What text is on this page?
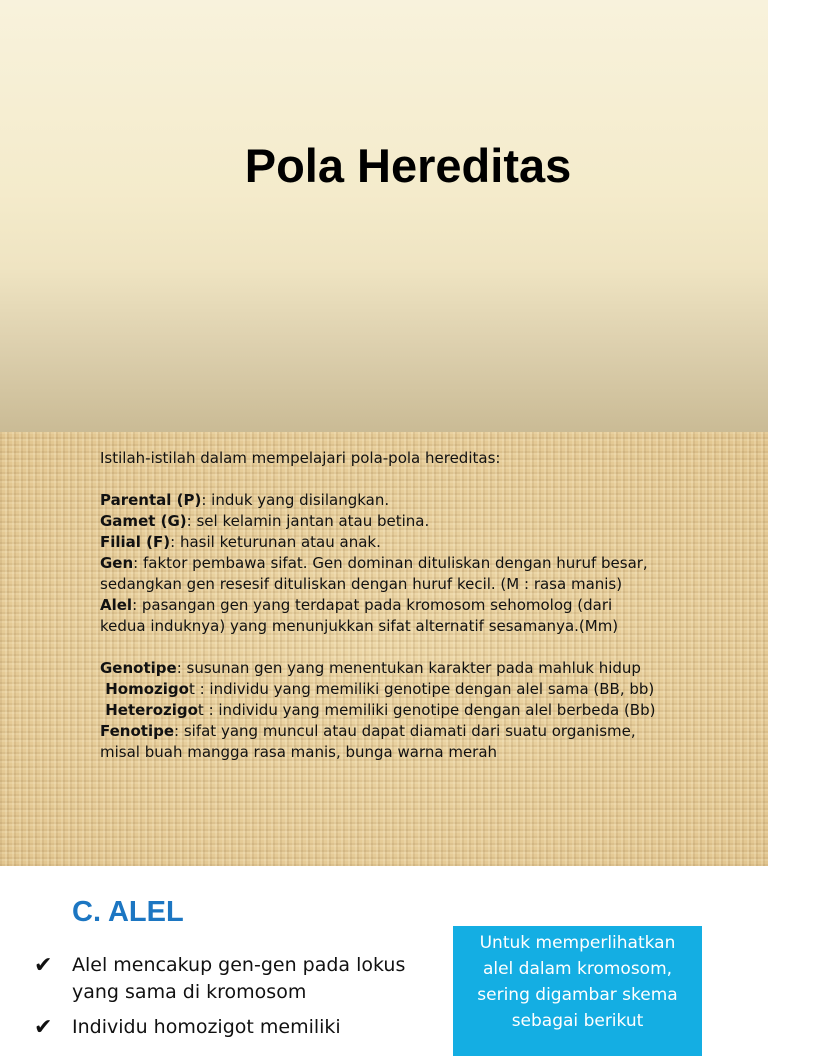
Pola Hereditas
Istilah-istilah dalam mempelajari pola-pola hereditas:
Parental (P): induk yang disilangkan.
Gamet (G): sel kelamin jantan atau betina.
Filial (F): hasil keturunan atau anak.
Gen: faktor pembawa sifat. Gen dominan dituliskan dengan huruf besar,
sedangkan gen resesif dituliskan dengan huruf kecil. (M : rasa manis)
Alel: pasangan gen yang terdapat pada kromosom sehomolog (dari
kedua induknya) yang menunjukkan sifat alternatif sesamanya.(Mm)
Genotipe: susunan gen yang menentukan karakter pada mahluk hidup
Homozigot : individu yang memiliki genotipe dengan alel sama (BB, bb)
Heterozigot : individu yang memiliki genotipe dengan alel berbeda (Bb)
Fenotipe: sifat yang muncul atau dapat diamati dari suatu organisme,
misal buah mangga rasa manis, bunga warna merah
C. ALEL
✔	Alel mencakup gen-gen pada lokus
yang sama di kromosom
✔	Individu homozigot memiliki
Untuk memperlihatkan
alel dalam kromosom,
sering digambar skema
sebagai berikut
